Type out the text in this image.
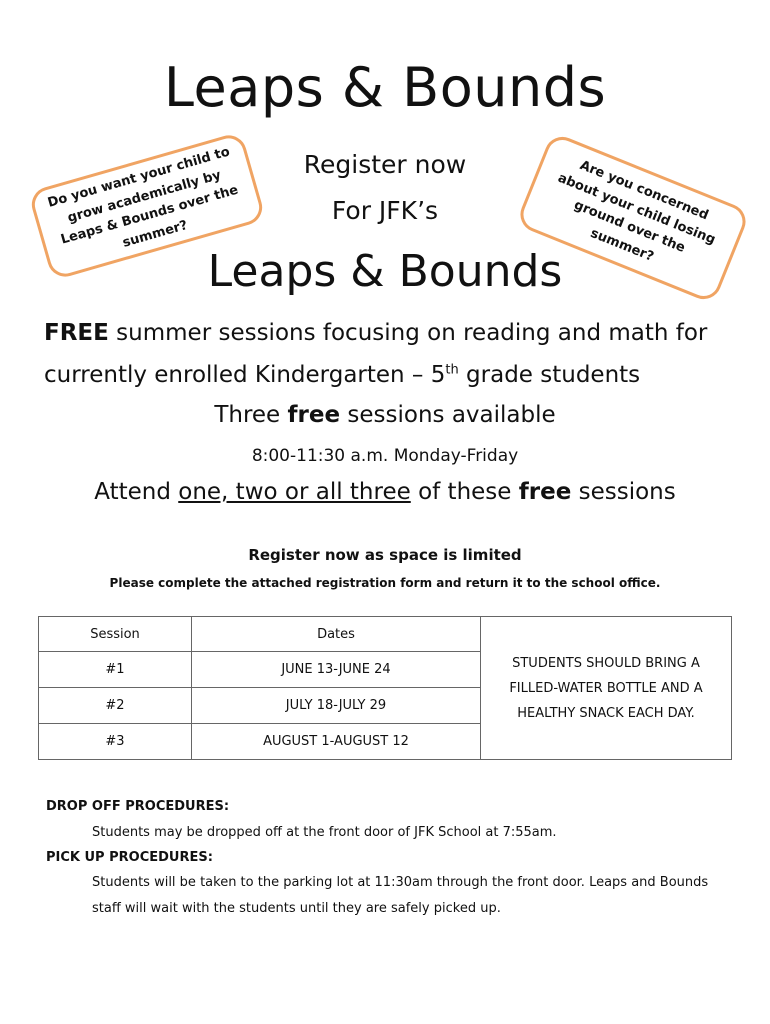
Leaps & Bounds
Register now
For JFK’s
Leaps & Bounds
Do you want your child to grow academically by Leaps & Bounds over the summer?
Are you concerned about your child losing ground over the summer?
FREE summer sessions focusing on reading and math for
currently enrolled Kindergarten – 5th grade students
Three free sessions available
8:00-11:30 a.m. Monday-Friday
Attend one, two or all three of these free sessions
Register now as space is limited
Please complete the attached registration form and return it to the school office.
Session	Dates	STUDENTS SHOULD BRING A FILLED-WATER BOTTLE AND A HEALTHY SNACK EACH DAY.
#1	JUNE 13-JUNE 24	
#2	JULY 18-JULY 29	
#3	AUGUST 1-AUGUST 12	
DROP OFF PROCEDURES:
Students may be dropped off at the front door of JFK School at 7:55am.
PICK UP PROCEDURES:
Students will be taken to the parking lot at 11:30am through the front door. Leaps and Bounds staff will wait with the students until they are safely picked up.
